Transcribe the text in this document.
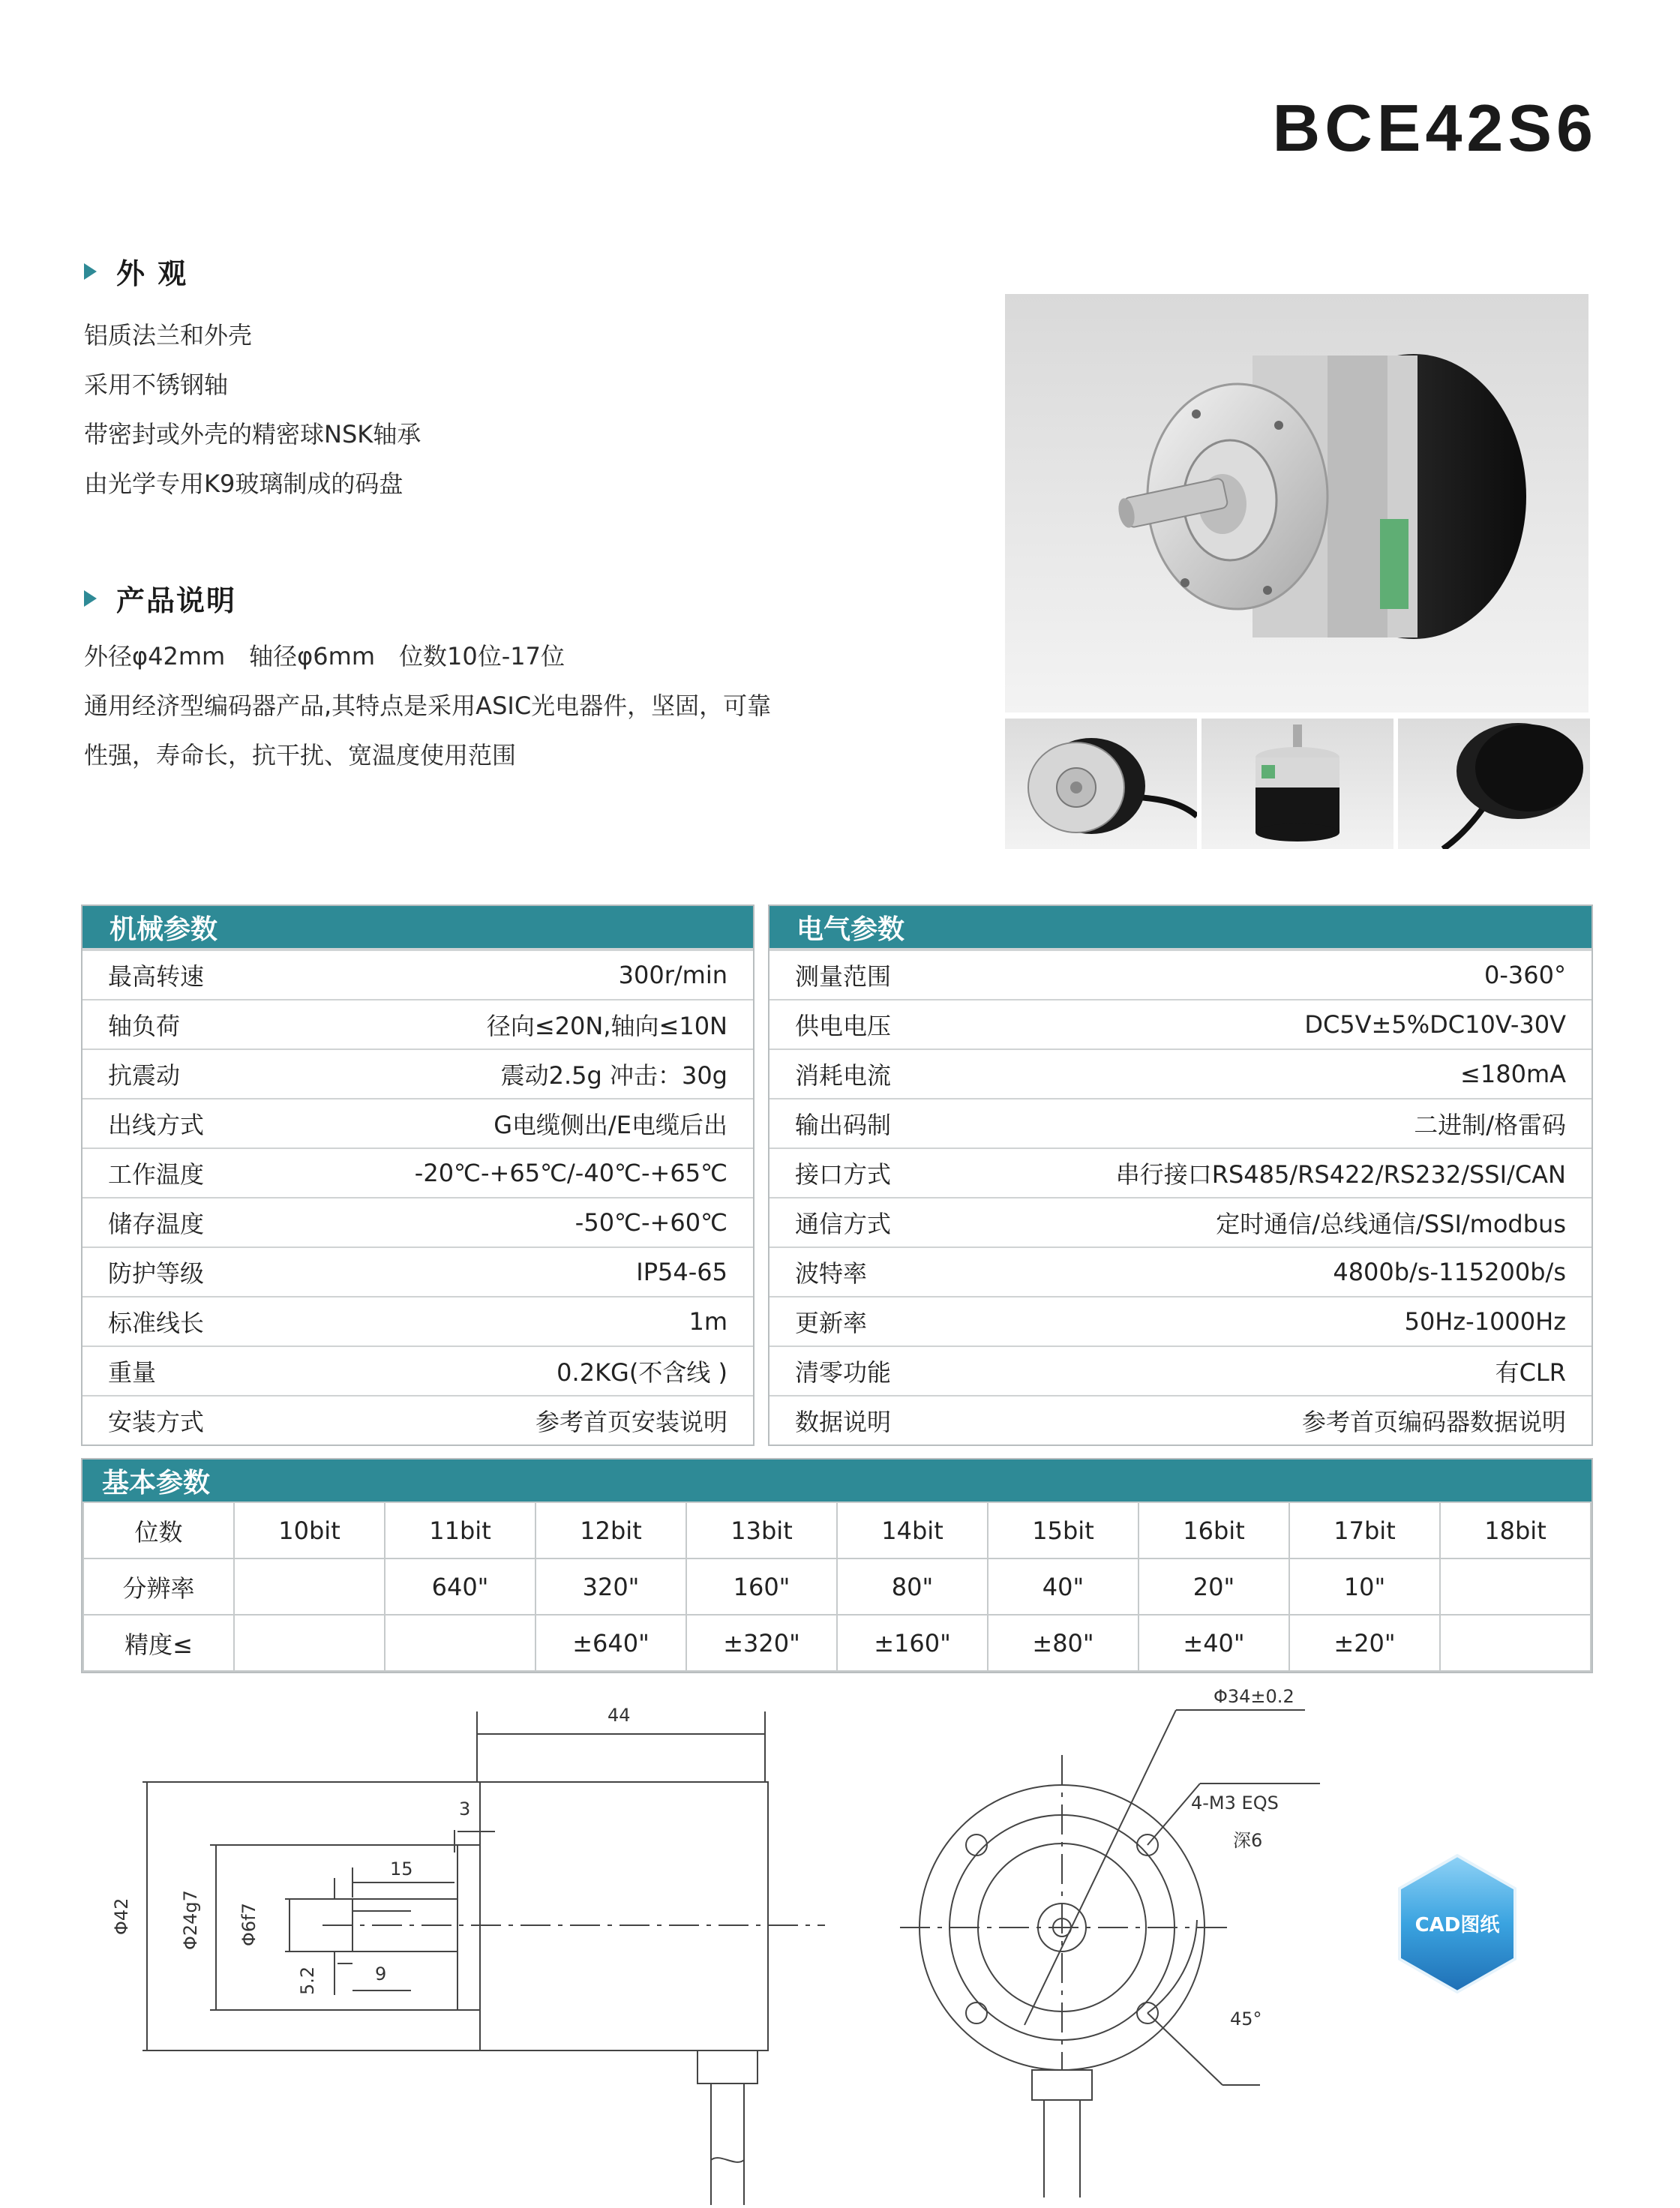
BCE42S6
外 观
铝质法兰和外壳
采用不锈钢轴
带密封或外壳的精密球NSK轴承
由光学专用K9玻璃制成的码盘
产品说明
外径φ42mm　轴径φ6mm　位数10位-17位
通用经济型编码器产品,其特点是采用ASIC光电器件，坚固，可靠
性强，寿命长，抗干扰、宽温度使用范围
机械参数
最高转速	300r/min
轴负荷	径向≤20N,轴向≤10N
抗震动	震动2.5g 冲击：30g
出线方式	G电缆侧出/E电缆后出
工作温度	-20℃-+65℃/-40℃-+65℃
储存温度	-50℃-+60℃
防护等级	IP54-65
标准线长	1m
重量	0.2KG(不含线 )
安装方式	参考首页安装说明
电气参数
测量范围	0-360°
供电电压	DC5V±5%DC10V-30V
消耗电流	≤180mA
输出码制	二进制/格雷码
接口方式	串行接口RS485/RS422/RS232/SSI/CAN
通信方式	定时通信/总线通信/SSI/modbus
波特率	4800b/s-115200b/s
更新率	50Hz-1000Hz
清零功能	有CLR
数据说明	参考首页编码器数据说明
基本参数
位数	10bit	11bit	12bit	13bit	14bit	15bit	16bit	17bit	18bit
分辨率		640"	320"	160"	80"	40"	20"	10"	
精度≤			±640"	±320"	±160"	±80"	±40"	±20"	
44
3
15
Φ42	Φ24g7 Φ6f7
5.2	9
Φ34±0.2
4-M3 EQS
深6
45°
CAD图纸
